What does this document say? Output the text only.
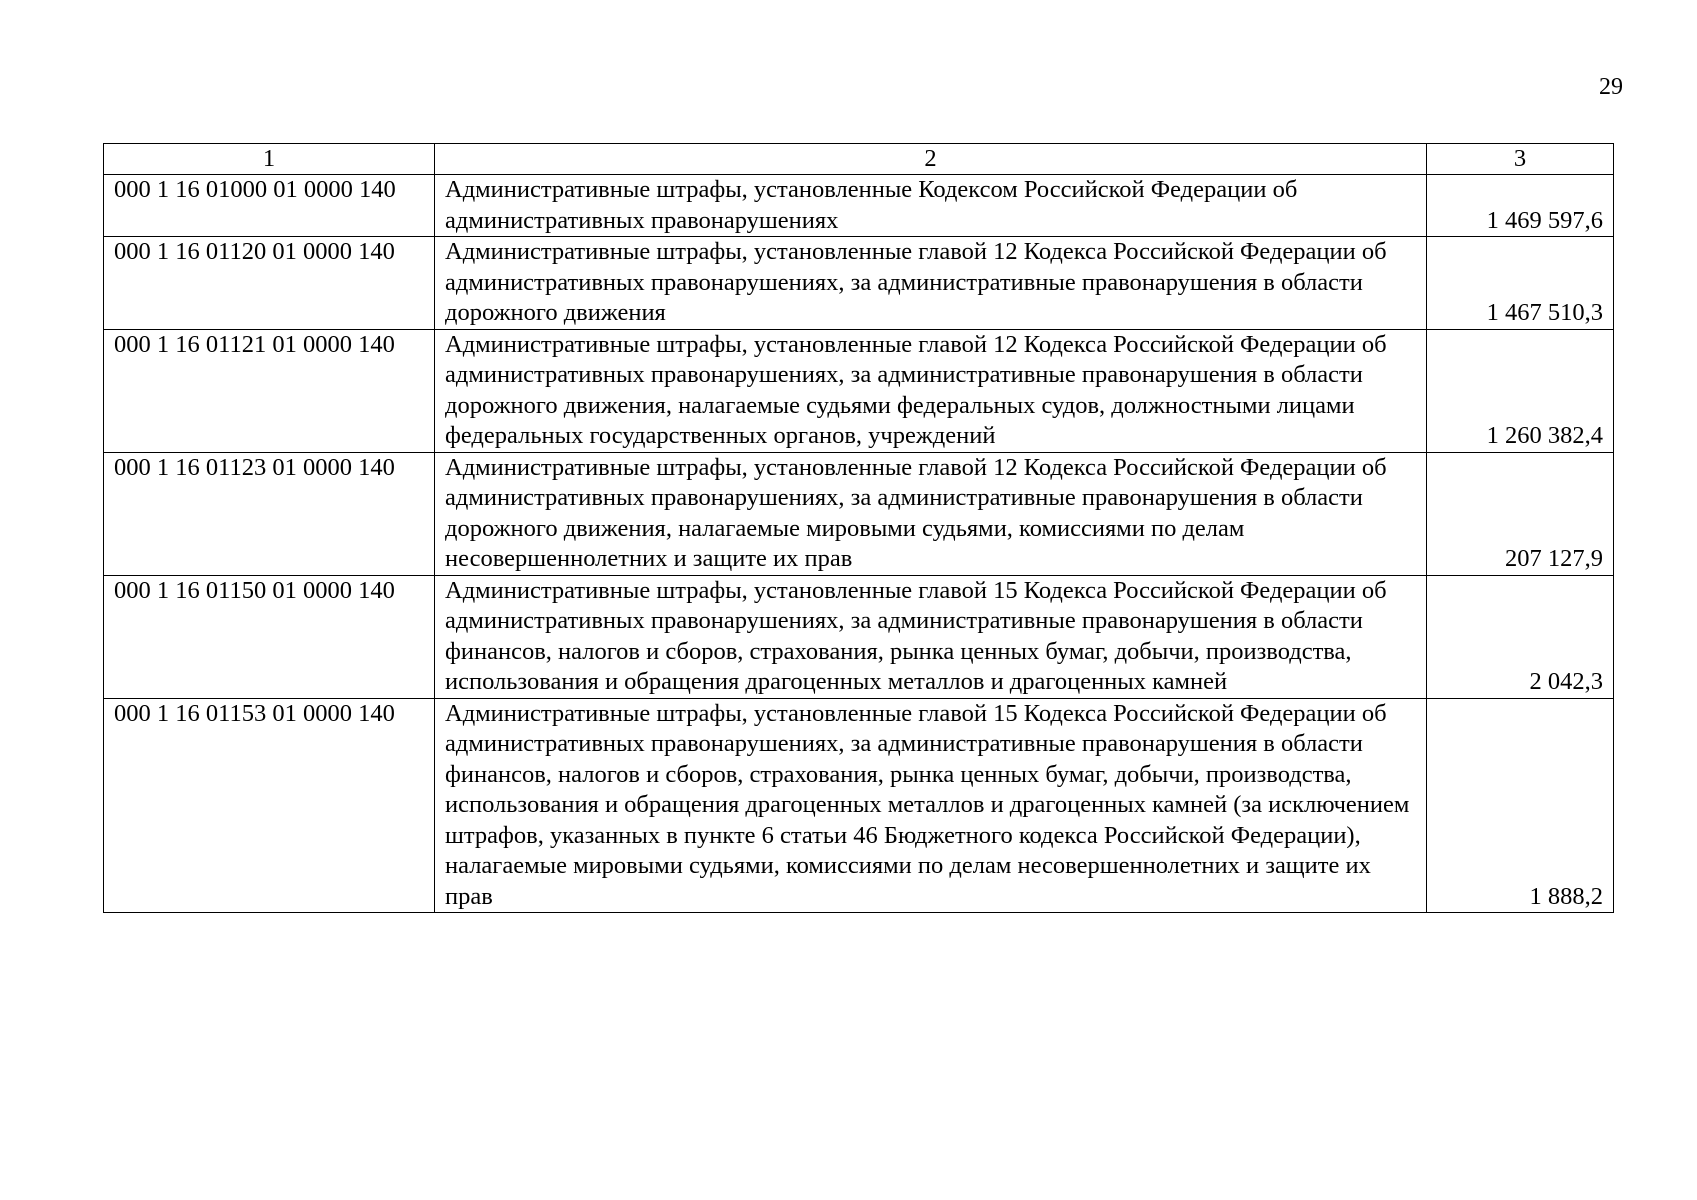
29
1	2	3
000 1 16 01000 01 0000 140	Административные штрафы, установленные Кодексом Российской Федерации об административных правонарушениях	1 469 597,6
000 1 16 01120 01 0000 140	Административные штрафы, установленные главой 12 Кодекса Российской Федерации об административных правонарушениях, за административные правонарушения в области дорожного движения	1 467 510,3
000 1 16 01121 01 0000 140	Административные штрафы, установленные главой 12 Кодекса Российской Федерации об административных правонарушениях, за административные правонарушения в области дорожного движения, налагаемые судьями федеральных судов, должностными лицами федеральных государственных органов, учреждений	1 260 382,4
000 1 16 01123 01 0000 140	Административные штрафы, установленные главой 12 Кодекса Российской Федерации об административных правонарушениях, за административные правонарушения в области дорожного движения, налагаемые мировыми судьями, комиссиями по делам несовершеннолетних и защите их прав	207 127,9
000 1 16 01150 01 0000 140	Административные штрафы, установленные главой 15 Кодекса Российской Федерации об административных правонарушениях, за административные правонарушения в области финансов, налогов и сборов, страхования, рынка ценных бумаг, добычи, производства, использования и обращения драгоценных металлов и драгоценных камней	2 042,3
000 1 16 01153 01 0000 140	Административные штрафы, установленные главой 15 Кодекса Российской Федерации об административных правонарушениях, за административные правонарушения в области финансов, налогов и сборов, страхования, рынка ценных бумаг, добычи, производства, использования и обращения драгоценных металлов и драгоценных камней (за исключением штрафов, указанных в пункте 6 статьи 46 Бюджетного кодекса Российской Федерации), налагаемые мировыми судьями, комиссиями по делам несовершеннолетних и защите их прав	1 888,2
